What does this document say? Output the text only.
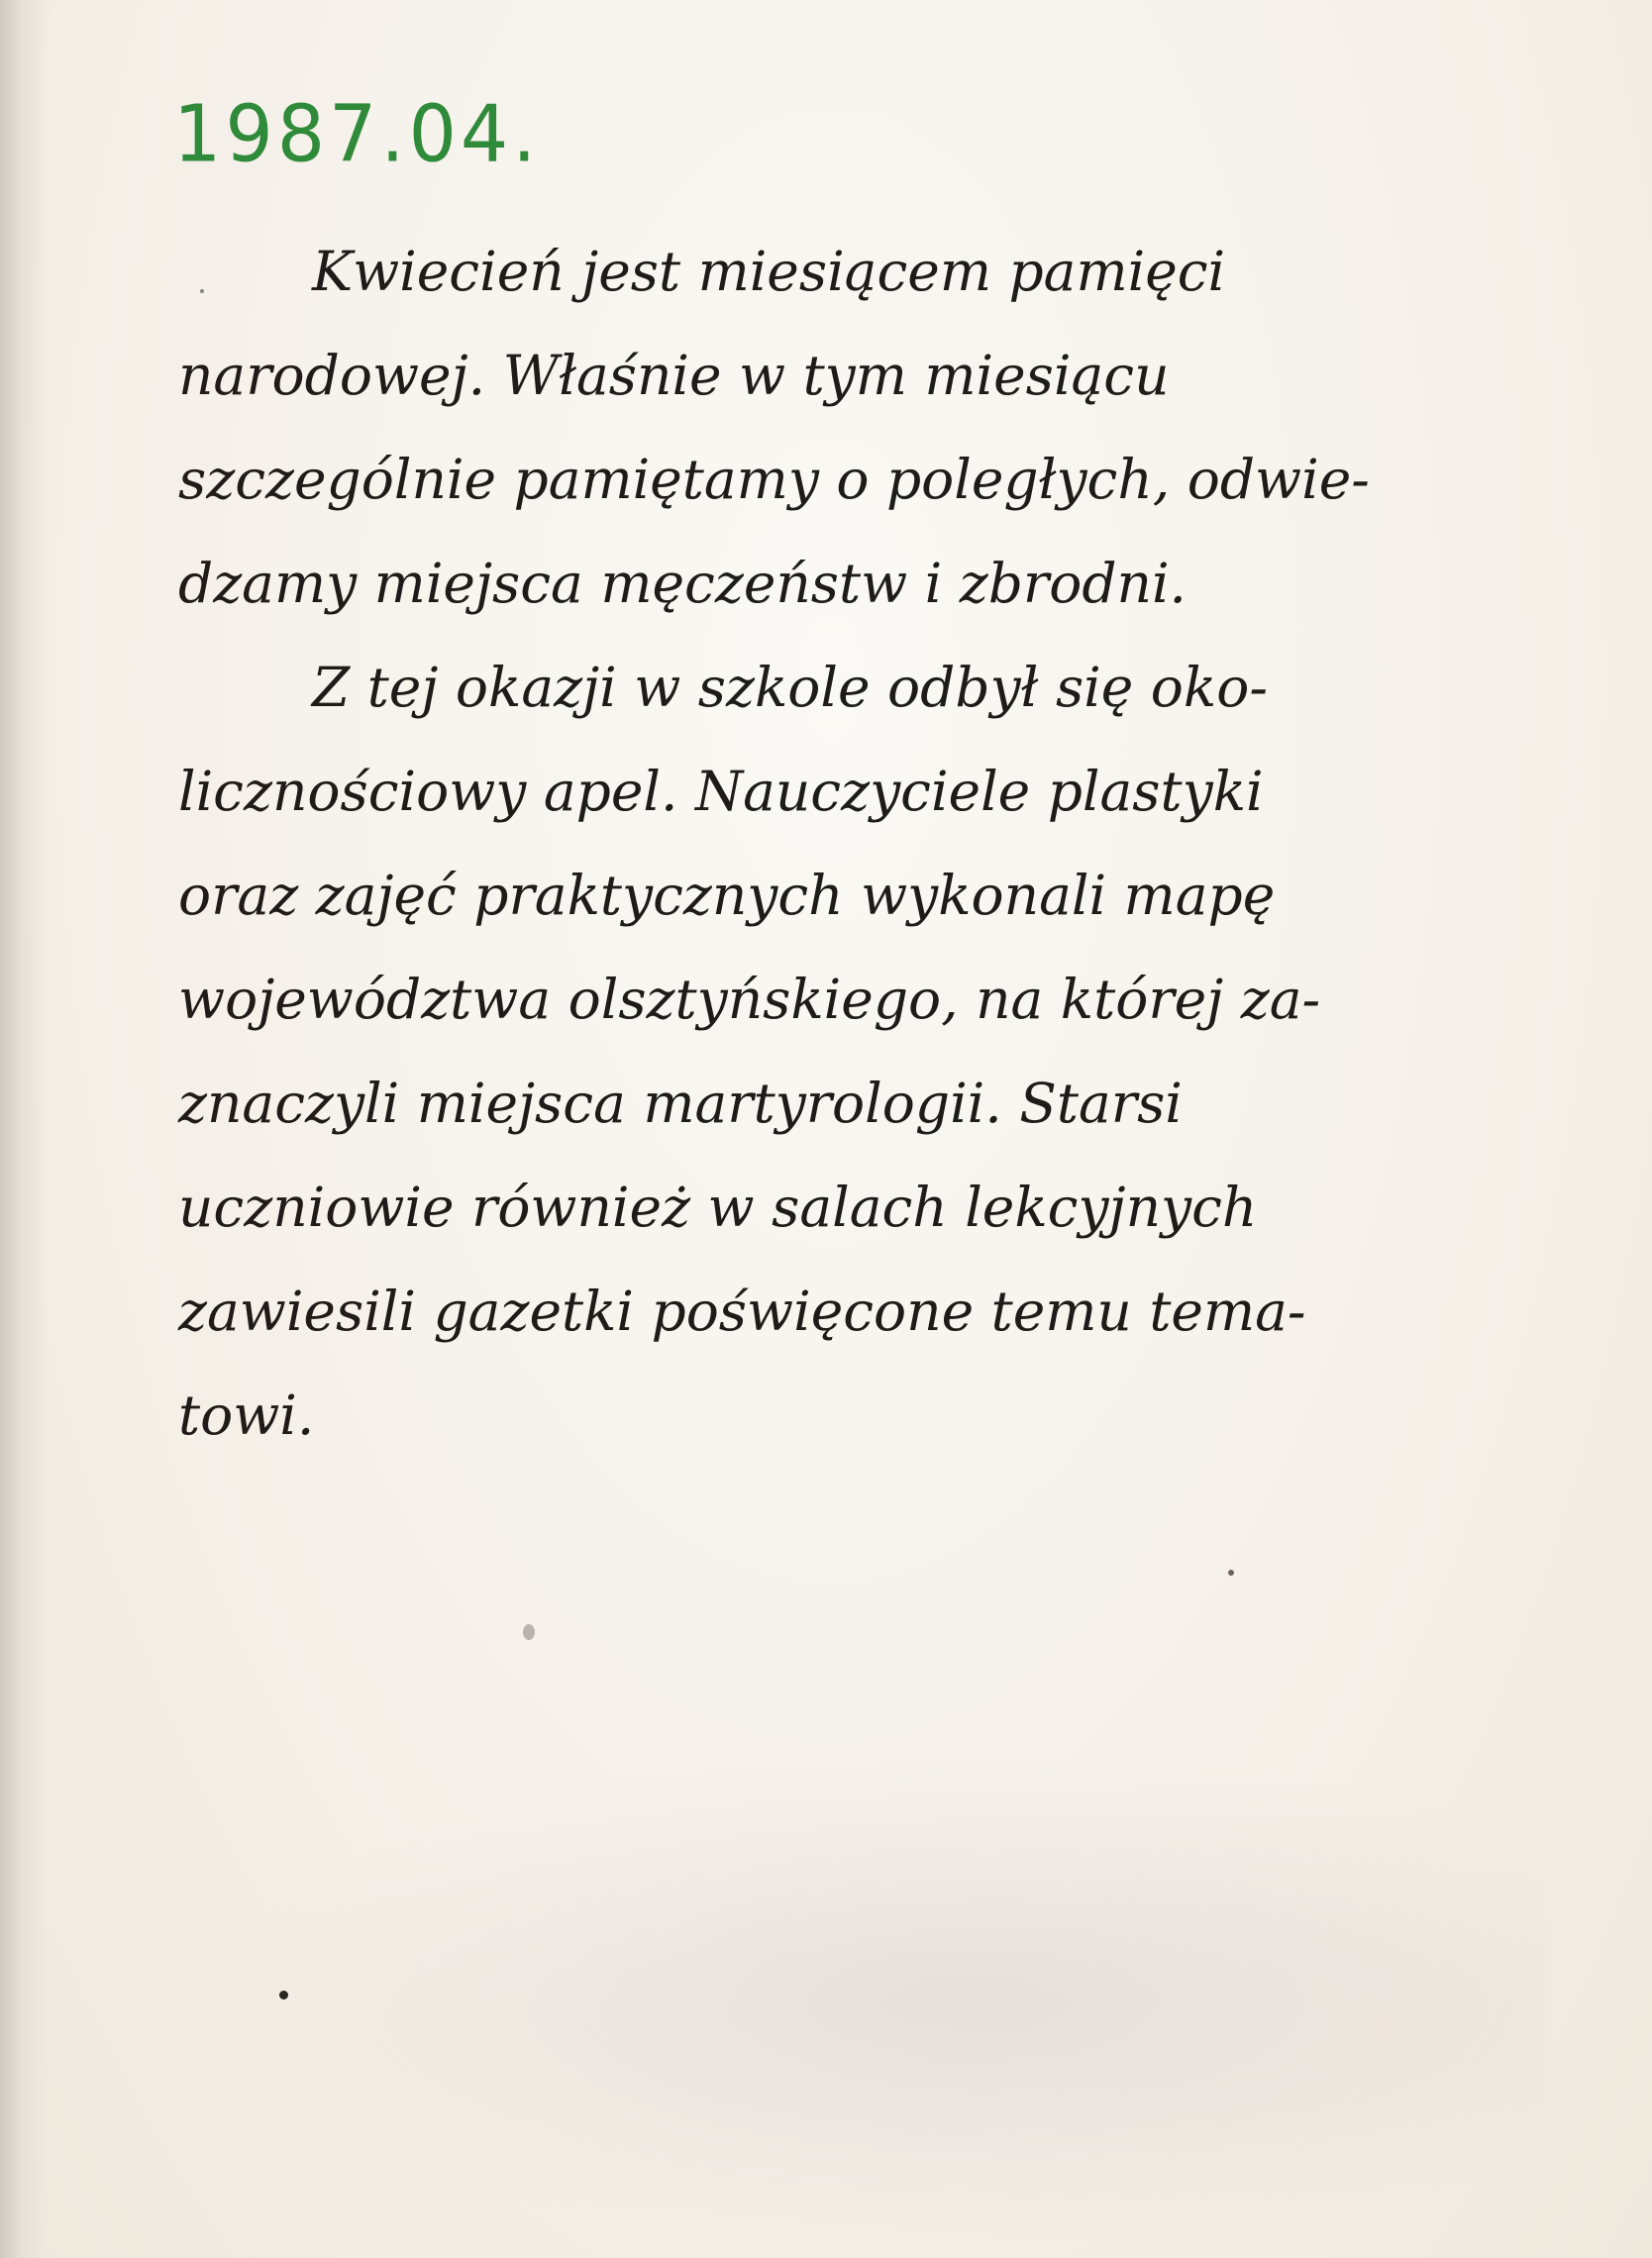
1987.04.
Kwiecień jest miesiącem pamięci
narodowej. Właśnie w tym miesiącu
szczególnie pamiętamy o poległych, odwie-
dzamy miejsca męczeństw i zbrodni.
Z tej okazji w szkole odbył się oko-
licznościowy apel. Nauczyciele plastyki
oraz zajęć praktycznych wykonali mapę
województwa olsztyńskiego, na której za-
znaczyli miejsca martyrologii. Starsi
uczniowie również w salach lekcyjnych
zawiesili gazetki poświęcone temu tema-
towi.
